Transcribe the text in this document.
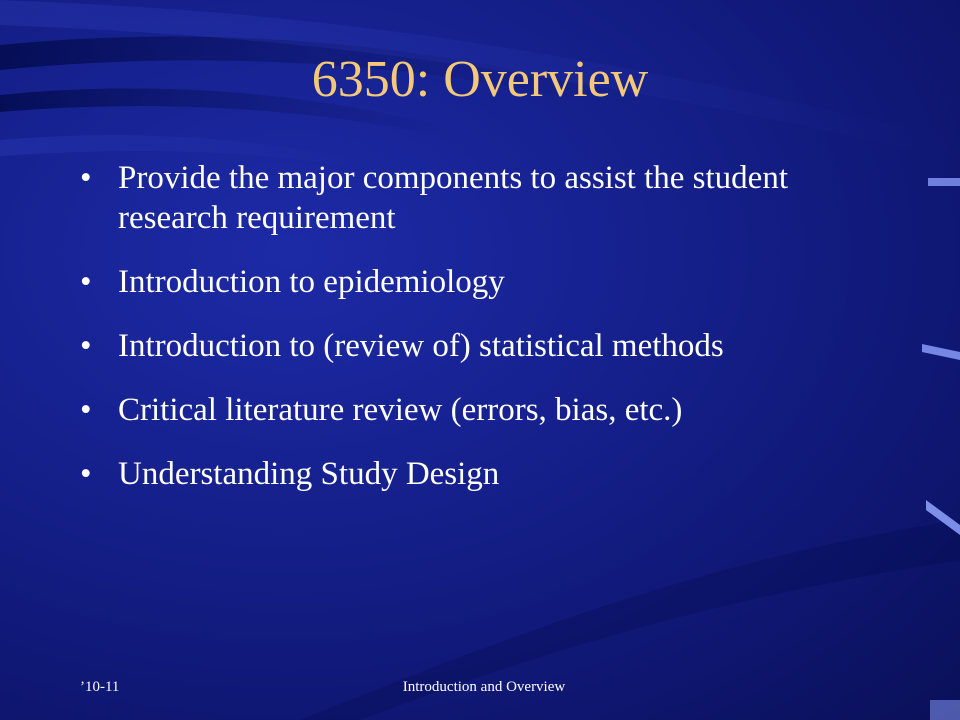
6350: Overview
• Provide the major components to assist the student research requirement
• Introduction to epidemiology
• Introduction to (review of) statistical methods
• Critical literature review (errors, bias, etc.)
• Understanding Study Design
’10-11	Introduction and Overview
